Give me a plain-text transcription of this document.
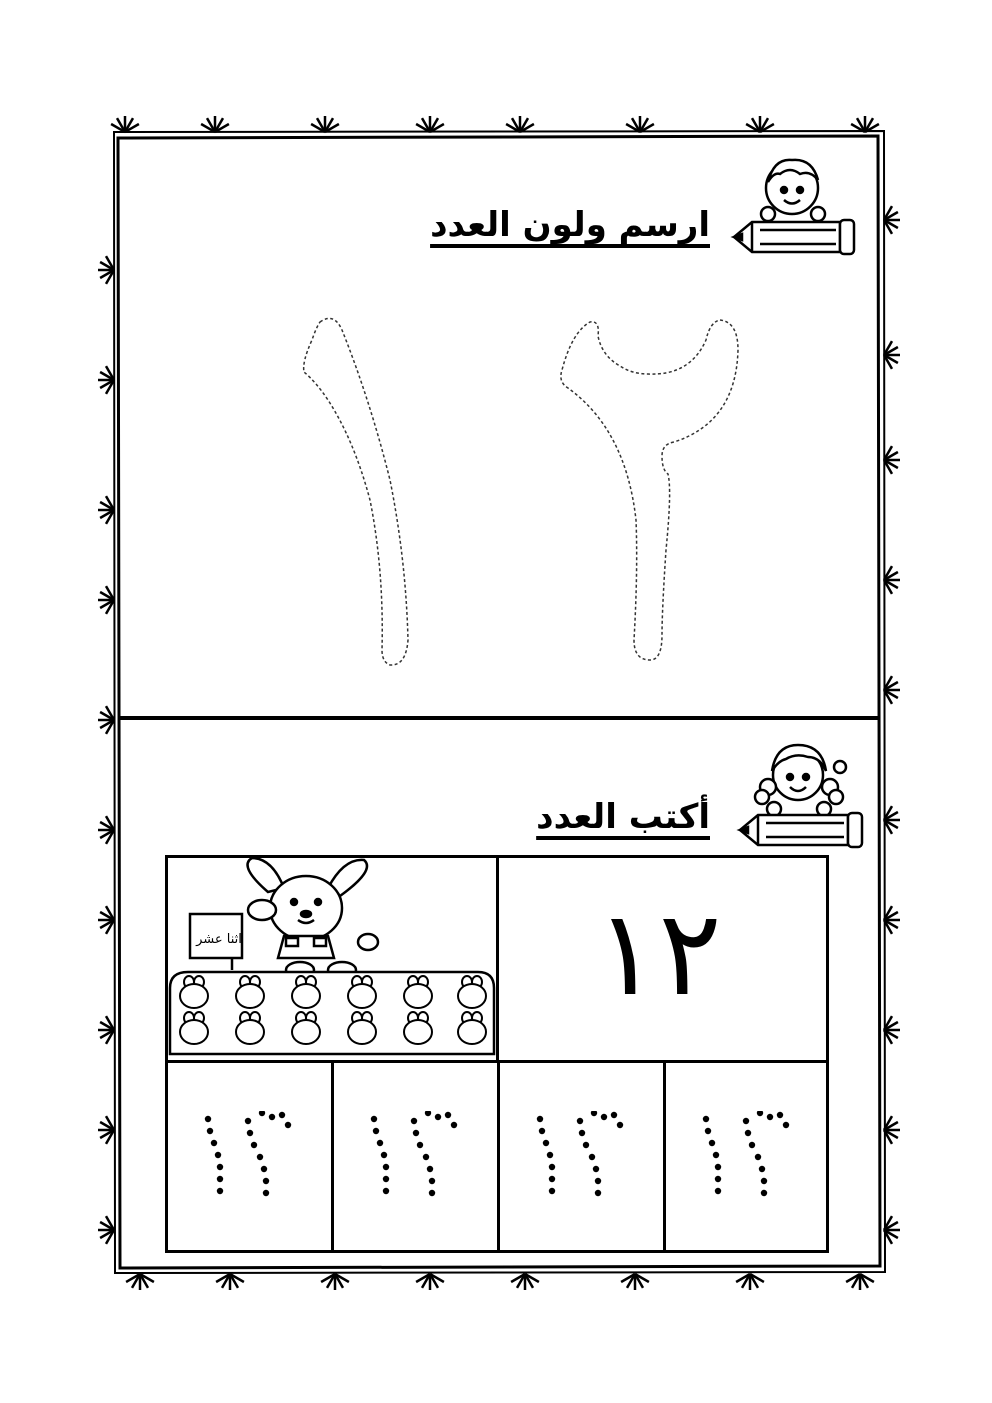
ارسم ولون العدد
أكتب العدد
اثنا عشر	١٢
